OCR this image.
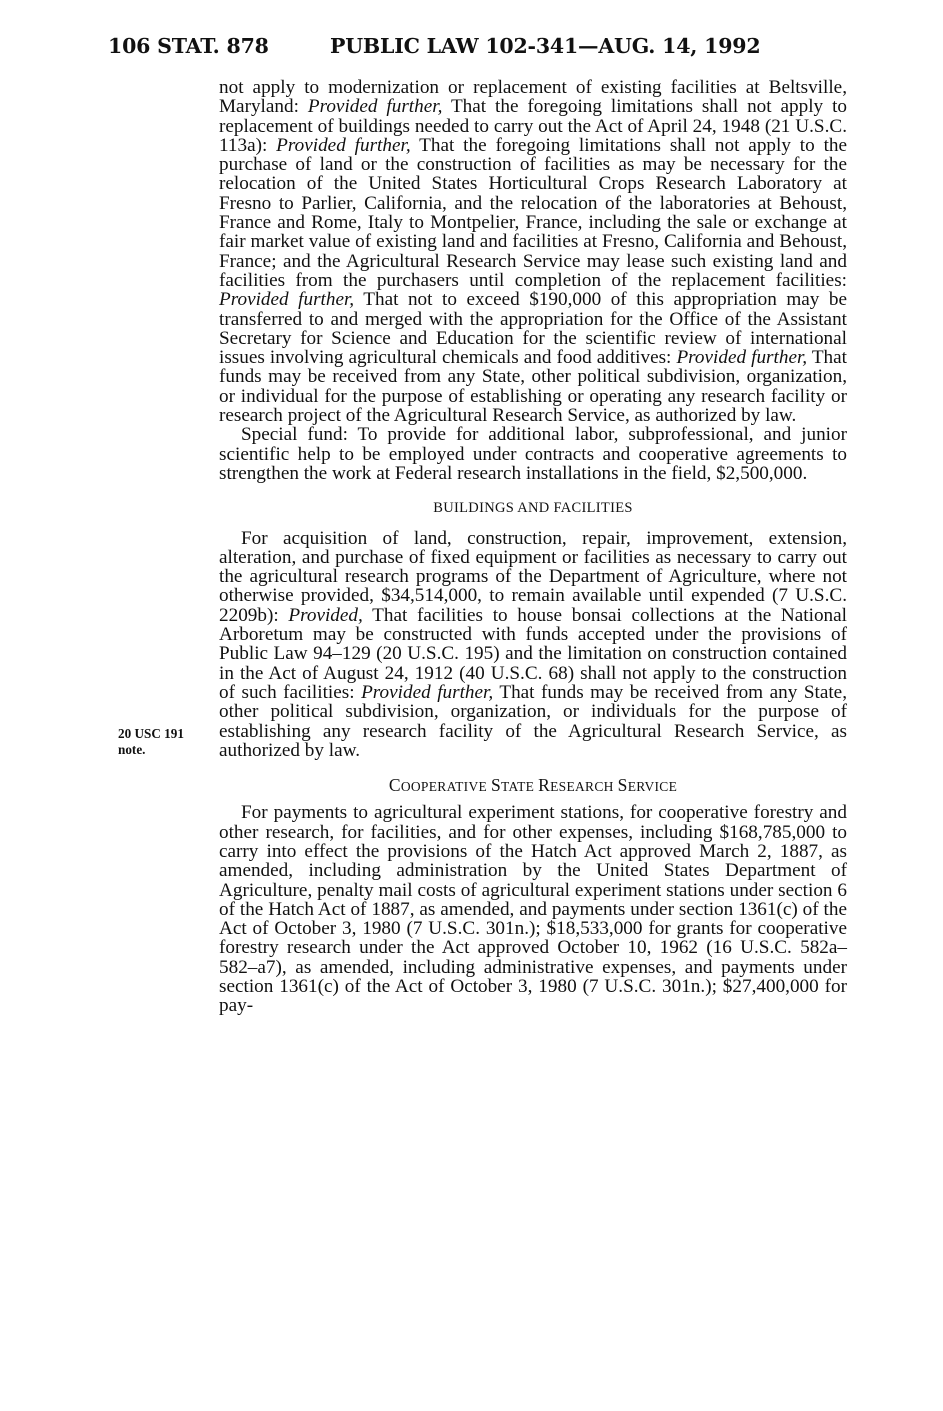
106 STAT. 878	PUBLIC LAW 102-341—AUG. 14, 1992
20 USC 191
note.

not apply to modernization or replacement of existing facilities at Beltsville, Maryland: Provided further, That the foregoing limitations shall not apply to replacement of buildings needed to carry out the Act of April 24, 1948 (21 U.S.C. 113a): Provided further, That the foregoing limitations shall not apply to the purchase of land or the construction of facilities as may be necessary for the relocation of the United States Horticultural Crops Research Laboratory at Fresno to Parlier, California, and the relocation of the laboratories at Behoust, France and Rome, Italy to Montpelier, France, including the sale or exchange at fair market value of existing land and facilities at Fresno, California and Behoust, France; and the Agricultural Research Service may lease such existing land and facilities from the purchasers until completion of the replacement facilities: Provided further, That not to exceed $190,000 of this appropriation may be transferred to and merged with the appropriation for the Office of the Assistant Secretary for Science and Education for the scientific review of international issues involving agricultural chemicals and food additives: Provided further, That funds may be received from any State, other political subdivision, organization, or individual for the purpose of establishing or operating any research facility or research project of the Agricultural Research Service, as authorized by law.

Special fund: To provide for additional labor, subprofessional, and junior scientific help to be employed under contracts and cooperative agreements to strengthen the work at Federal research installations in the field, $2,500,000.

BUILDINGS AND FACILITIES

For acquisition of land, construction, repair, improvement, extension, alteration, and purchase of fixed equipment or facilities as necessary to carry out the agricultural research programs of the Department of Agriculture, where not otherwise provided, $34,514,000, to remain available until expended (7 U.S.C. 2209b): Provided, That facilities to house bonsai collections at the National Arboretum may be constructed with funds accepted under the provisions of Public Law 94–129 (20 U.S.C. 195) and the limitation on construction contained in the Act of August 24, 1912 (40 U.S.C. 68) shall not apply to the construction of such facilities: Provided further, That funds may be received from any State, other political subdivision, organization, or individuals for the purpose of establishing any research facility of the Agricultural Research Service, as authorized by law.

COOPERATIVE STATE RESEARCH SERVICE

For payments to agricultural experiment stations, for cooperative forestry and other research, for facilities, and for other expenses, including $168,785,000 to carry into effect the provisions of the Hatch Act approved March 2, 1887, as amended, including administration by the United States Department of Agriculture, penalty mail costs of agricultural experiment stations under section 6 of the Hatch Act of 1887, as amended, and payments under section 1361(c) of the Act of October 3, 1980 (7 U.S.C. 301n.); $18,533,000 for grants for cooperative forestry research under the Act approved October 10, 1962 (16 U.S.C. 582a–582–a7), as amended, including administrative expenses, and payments under section 1361(c) of the Act of October 3, 1980 (7 U.S.C. 301n.); $27,400,000 for pay-
